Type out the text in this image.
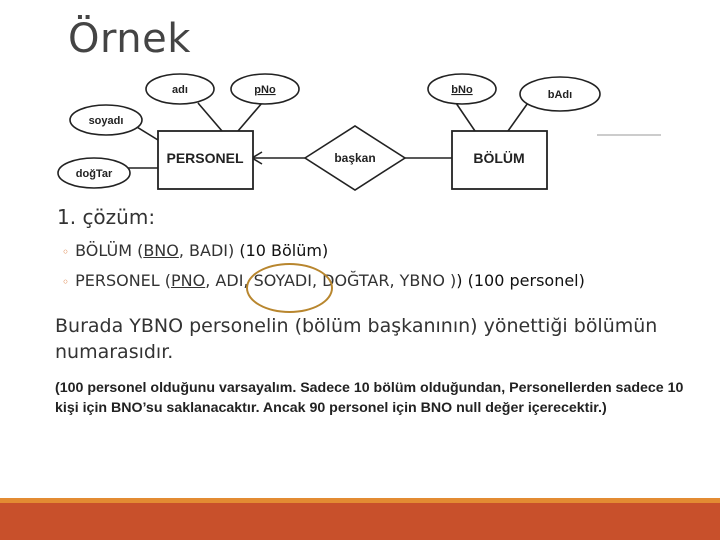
Örnek
adı	pNo
soyadı
doğTar
bNo	bAdı
PERSONEL	BÖLÜM
başkan
1. çözüm:
◦ BÖLÜM (BNO, BADI) (10 Bölüm)
◦ PERSONEL (PNO, ADI, SOYADI, DOĞTAR, YBNO )) (100 personel)
Burada YBNO personelin (bölüm başkanının) yönettiği bölümün numarasıdır.
(100 personel olduğunu varsayalım. Sadece 10 bölüm olduğundan, Personellerden sadece 10 kişi için BNO’su saklanacaktır. Ancak 90 personel için BNO null değer içerecektir.)
